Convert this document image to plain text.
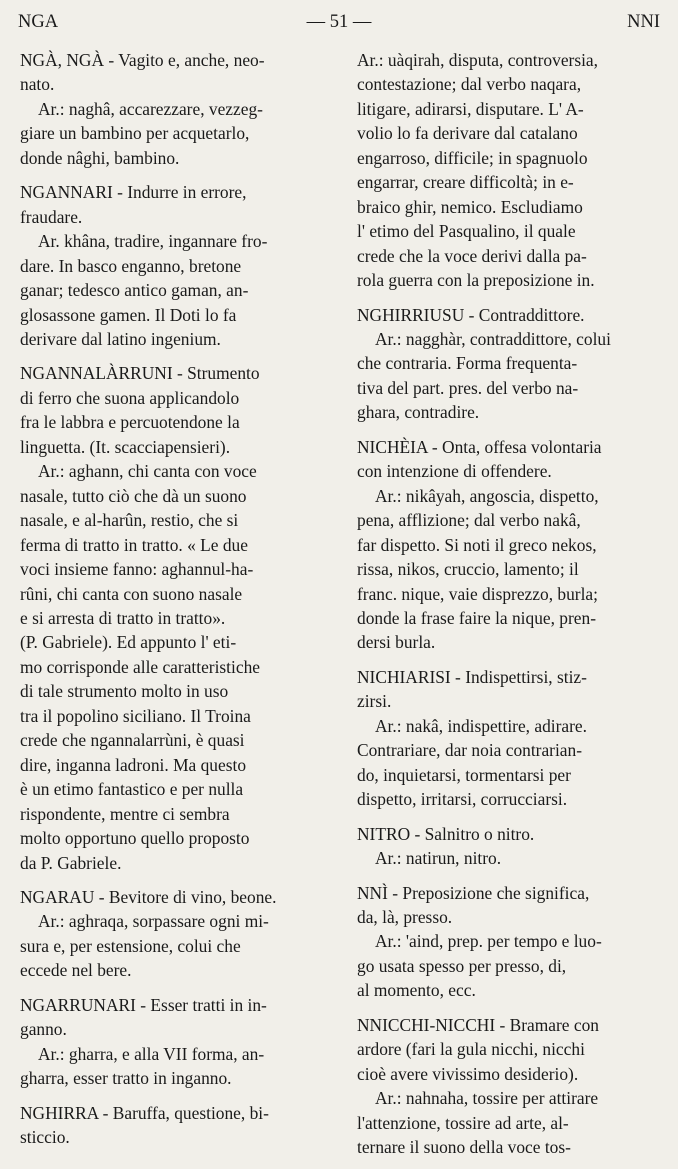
NGA	— 51 —	NNI
NGÀ, NGÀ - Vagito e, anche, neo-
nato.
Ar.: naghâ, accarezzare, vezzeg-
giare un bambino per acquetarlo,
donde nâghi, bambino.
NGANNARI - Indurre in errore,
fraudare.
Ar. khâna, tradire, ingannare fro-
dare. In basco enganno, bretone
ganar; tedesco antico gaman, an-
glosassone gamen. Il Doti lo fa
derivare dal latino ingenium.
NGANNALÀRRUNI - Strumento
di ferro che suona applicandolo
fra le labbra e percuotendone la
linguetta. (It. scacciapensieri).
Ar.: aghann, chi canta con voce
nasale, tutto ciò che dà un suono
nasale, e al-harûn, restio, che si
ferma di tratto in tratto. « Le due
voci insieme fanno: aghannul-ha-
rûni, chi canta con suono nasale
e si arresta di tratto in tratto».
(P. Gabriele). Ed appunto l' eti-
mo corrisponde alle caratteristiche
di tale strumento molto in uso
tra il popolino siciliano. Il Troina
crede che ngannalarrùni, è quasi
dire, inganna ladroni. Ma questo
è un etimo fantastico e per nulla
rispondente, mentre ci sembra
molto opportuno quello proposto
da P. Gabriele.
NGARAU - Bevitore di vino, beone.
Ar.: aghraqa, sorpassare ogni mi-
sura e, per estensione, colui che
eccede nel bere.
NGARRUNARI - Esser tratti in in-
ganno.
Ar.: gharra, e alla VII forma, an-
gharra, esser tratto in inganno.
NGHIRRA - Baruffa, questione, bi-
sticcio.
Ar.: uàqirah, disputa, controversia,
contestazione; dal verbo naqara,
litigare, adirarsi, disputare. L' A-
volio lo fa derivare dal catalano
engarroso, difficile; in spagnuolo
engarrar, creare difficoltà; in e-
braico ghir, nemico. Escludiamo
l' etimo del Pasqualino, il quale
crede che la voce derivi dalla pa-
rola guerra con la preposizione in.
NGHIRRIUSU - Contraddittore.
Ar.: nagghàr, contraddittore, colui
che contraria. Forma frequenta-
tiva del part. pres. del verbo na-
ghara, contradire.
NICHÈIA - Onta, offesa volontaria
con intenzione di offendere.
Ar.: nikâyah, angoscia, dispetto,
pena, afflizione; dal verbo nakâ,
far dispetto. Si noti il greco nekos,
rissa, nikos, cruccio, lamento; il
franc. nique, vaie disprezzo, burla;
donde la frase faire la nique, pren-
dersi burla.
NICHIARISI - Indispettirsi, stiz-
zirsi.
Ar.: nakâ, indispettire, adirare.
Contrariare, dar noia contrarian-
do, inquietarsi, tormentarsi per
dispetto, irritarsi, corrucciarsi.
NITRO - Salnitro o nitro.
Ar.: natirun, nitro.
NNÌ - Preposizione che significa,
da, là, presso.
Ar.: 'aind, prep. per tempo e luo-
go usata spesso per presso, di,
al momento, ecc.
NNICCHI-NICCHI - Bramare con
ardore (fari la gula nicchi, nicchi
cioè avere vivissimo desiderio).
Ar.: nahnaha, tossire per attirare
l'attenzione, tossire ad arte, al-
ternare il suono della voce tos-
